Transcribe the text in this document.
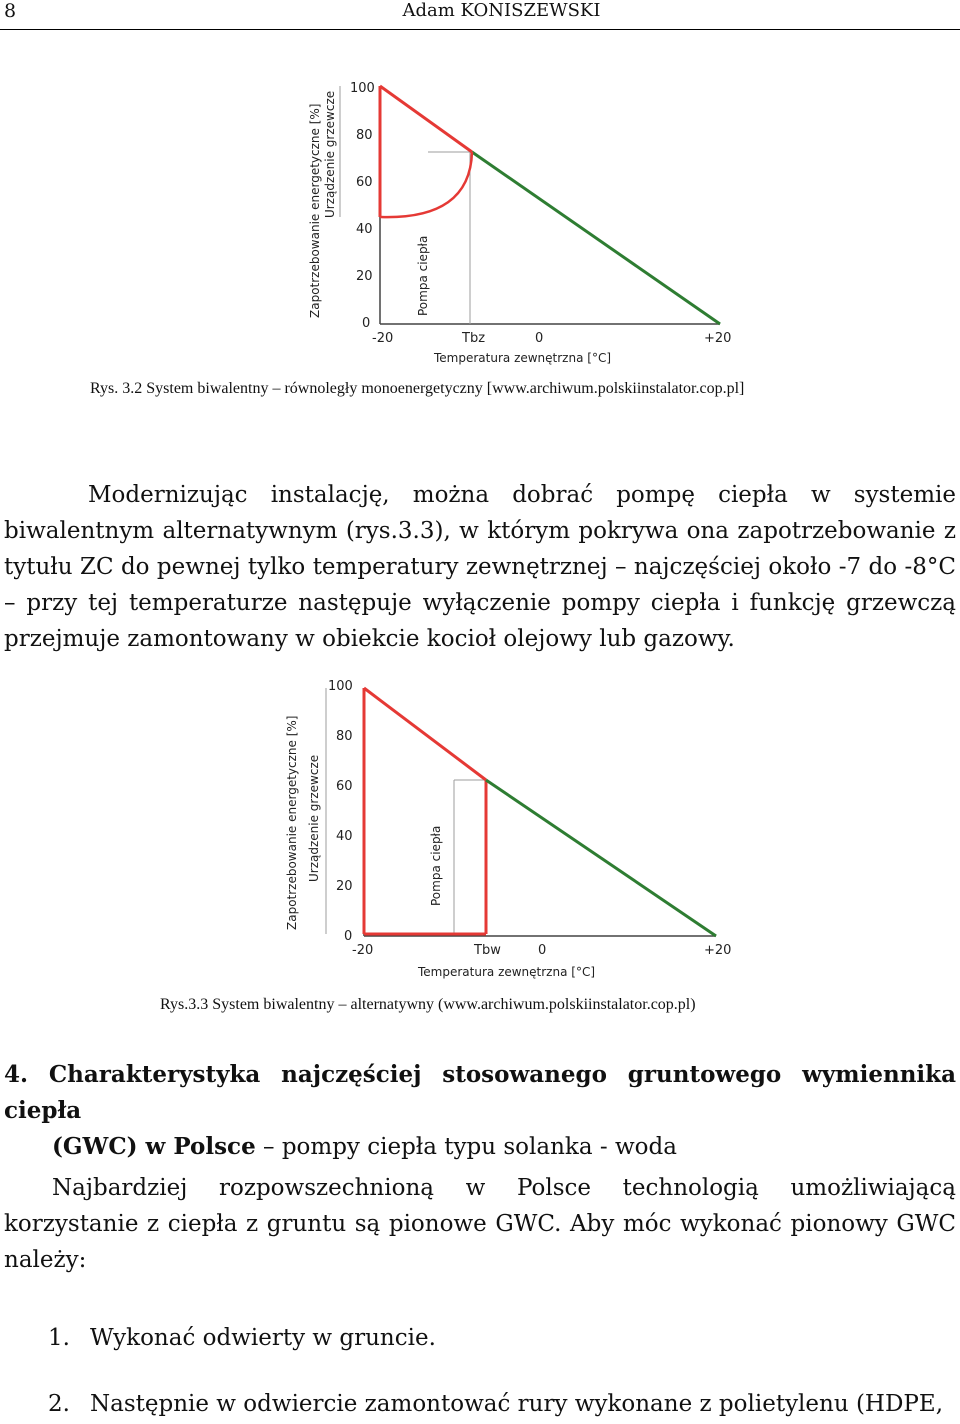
8	Adam KONISZEWSKI
100
80
60
40
20
0
Zapotrzebowanie energetyczne [%] Urządzenie grzewcze
Pompa ciepła
-20	Tbz	0	+20
Temperatura zewnętrzna [°C]
Rys. 3.2 System biwalentny – równoległy monoenergetyczny [www.archiwum.polskiinstalator.cop.pl]
Modernizując instalację, można dobrać pompę ciepła w systemie
biwalentnym alternatywnym (rys.3.3), w którym pokrywa ona zapotrzebowanie z
tytułu ZC do pewnej tylko temperatury zewnętrznej – najczęściej około -7 do -8°C
– przy tej temperaturze następuje wyłączenie pompy ciepła i funkcję grzewczą
przejmuje zamontowany w obiekcie kocioł olejowy lub gazowy.
100
80
60
40
20
0
Zapotrzebowanie energetyczne [%] Urządzenie grzewcze	Pompa ciepła
-20	Tbw	0	+20
Temperatura zewnętrzna [°C]
Rys.3.3 System biwalentny – alternatywny (www.archiwum.polskiinstalator.cop.pl)
4. Charakterystyka najczęściej stosowanego gruntowego wymiennika ciepła
(GWC) w Polsce – pompy ciepła typu solanka - woda
Najbardziej rozpowszechnioną w Polsce technologią umożliwiającą
korzystanie z ciepła z gruntu są pionowe GWC. Aby móc wykonać pionowy GWC
należy:
1. Wykonać odwierty w gruncie.
2. Następnie w odwiercie zamontować rury wykonane z polietylenu (HDPE,
